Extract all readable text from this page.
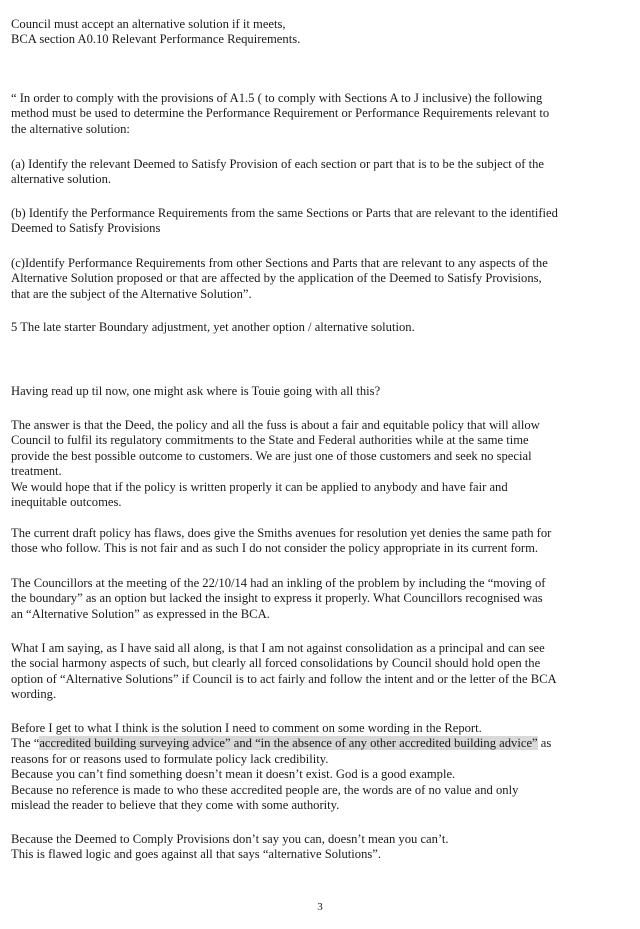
Council must accept an alternative solution if it meets,
BCA section A0.10 Relevant Performance Requirements.
“ In order to comply with the provisions of A1.5 ( to comply with Sections A to J inclusive) the following
method must be used to determine the Performance Requirement or Performance Requirements relevant to
the alternative solution:
(a) Identify the relevant Deemed to Satisfy Provision of each section or part that is to be the subject of the
alternative solution.
(b) Identify the Performance Requirements from the same Sections or Parts that are relevant to the identified
Deemed to Satisfy Provisions
(c)Identify Performance Requirements from other Sections and Parts that are relevant to any aspects of the
Alternative Solution proposed or that are affected by the application of the Deemed to Satisfy Provisions,
that are the subject of the Alternative Solution”.
5 The late starter Boundary adjustment, yet another option / alternative solution.
Having read up til now, one might ask where is Touie going with all this?
The answer is that the Deed, the policy and all the fuss is about a fair and equitable policy that will allow
Council to fulfil its regulatory commitments to the State and Federal authorities while at the same time
provide the best possible outcome to customers. We are just one of those customers and seek no special
treatment.
We would hope that if the policy is written properly it can be applied to anybody and have fair and
inequitable outcomes.
The current draft policy has flaws, does give the Smiths avenues for resolution yet denies the same path for
those who follow. This is not fair and as such I do not consider the policy appropriate in its current form.
The Councillors at the meeting of the 22/10/14 had an inkling of the problem by including the “moving of
the boundary” as an option but lacked the insight to express it properly. What Councillors recognised was
an “Alternative Solution” as expressed in the BCA.
What I am saying, as I have said all along, is that I am not against consolidation as a principal and can see
the social harmony aspects of such, but clearly all forced consolidations by Council should hold open the
option of “Alternative Solutions” if Council is to act fairly and follow the intent and or the letter of the BCA
wording.
Before I get to what I think is the solution I need to comment on some wording in the Report.
The “accredited building surveying advice” and “in the absence of any other accredited building advice” as
reasons for or reasons used to formulate policy lack credibility.
Because you can’t find something doesn’t mean it doesn’t exist. God is a good example.
Because no reference is made to who these accredited people are, the words are of no value and only
mislead the reader to believe that they come with some authority.
Because the Deemed to Comply Provisions don’t say you can, doesn’t mean you can’t.
This is flawed logic and goes against all that says “alternative Solutions”.
3
